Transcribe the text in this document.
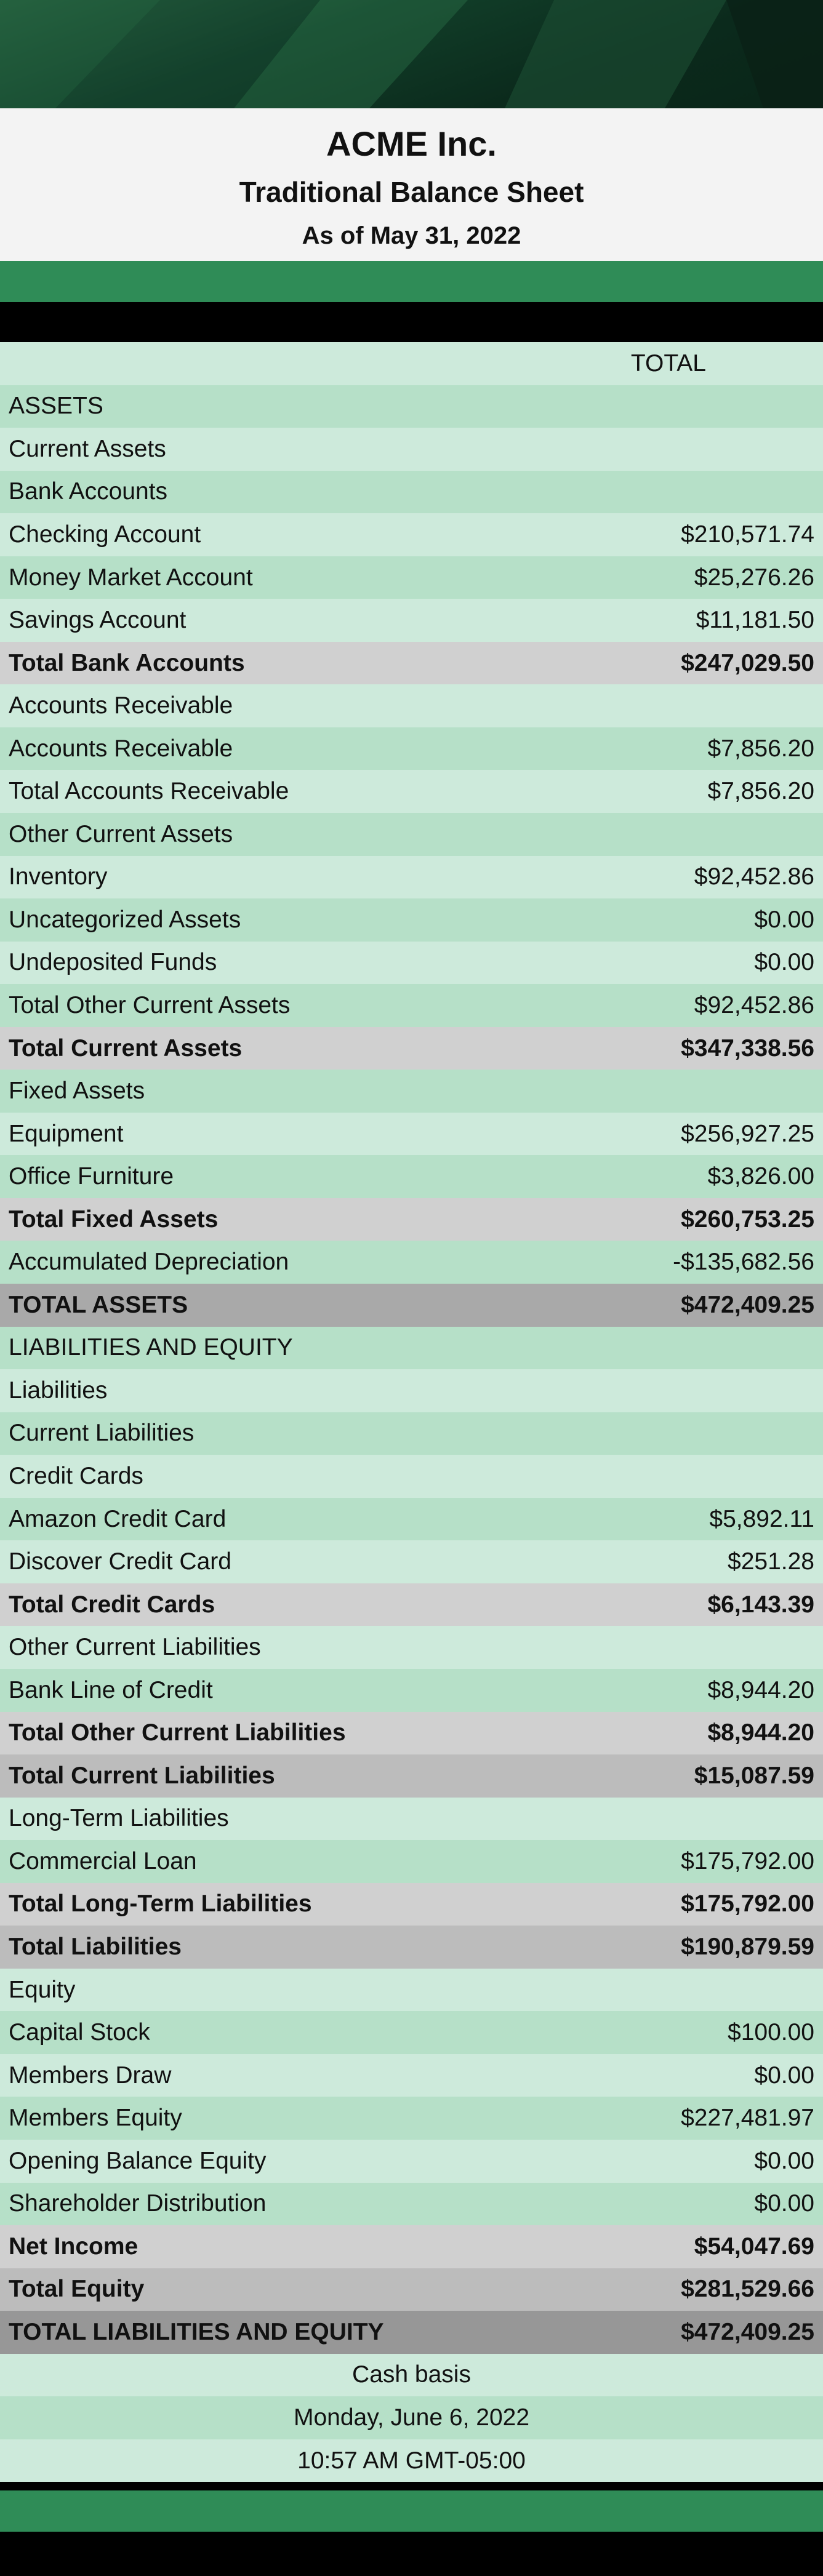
ACME Inc.
Traditional Balance Sheet
As of May 31, 2022
TOTAL
ASSETS
Current Assets
Bank Accounts
Checking Account	$210,571.74
Money Market Account	$25,276.26
Savings Account	$11,181.50
Total Bank Accounts	$247,029.50
Accounts Receivable
Accounts Receivable	$7,856.20
Total Accounts Receivable	$7,856.20
Other Current Assets
Inventory	$92,452.86
Uncategorized Assets	$0.00
Undeposited Funds	$0.00
Total Other Current Assets	$92,452.86
Total Current Assets	$347,338.56
Fixed Assets
Equipment	$256,927.25
Office Furniture	$3,826.00
Total Fixed Assets	$260,753.25
Accumulated Depreciation	-$135,682.56
TOTAL ASSETS	$472,409.25
LIABILITIES AND EQUITY
Liabilities
Current Liabilities
Credit Cards
Amazon Credit Card	$5,892.11
Discover Credit Card	$251.28
Total Credit Cards	$6,143.39
Other Current Liabilities
Bank Line of Credit	$8,944.20
Total Other Current Liabilities	$8,944.20
Total Current Liabilities	$15,087.59
Long-Term Liabilities
Commercial Loan	$175,792.00
Total Long-Term Liabilities	$175,792.00
Total Liabilities	$190,879.59
Equity
Capital Stock	$100.00
Members Draw	$0.00
Members Equity	$227,481.97
Opening Balance Equity	$0.00
Shareholder Distribution	$0.00
Net Income	$54,047.69
Total Equity	$281,529.66
TOTAL LIABILITIES AND EQUITY	$472,409.25
Cash basis
Monday, June 6, 2022
10:57 AM GMT-05:00
